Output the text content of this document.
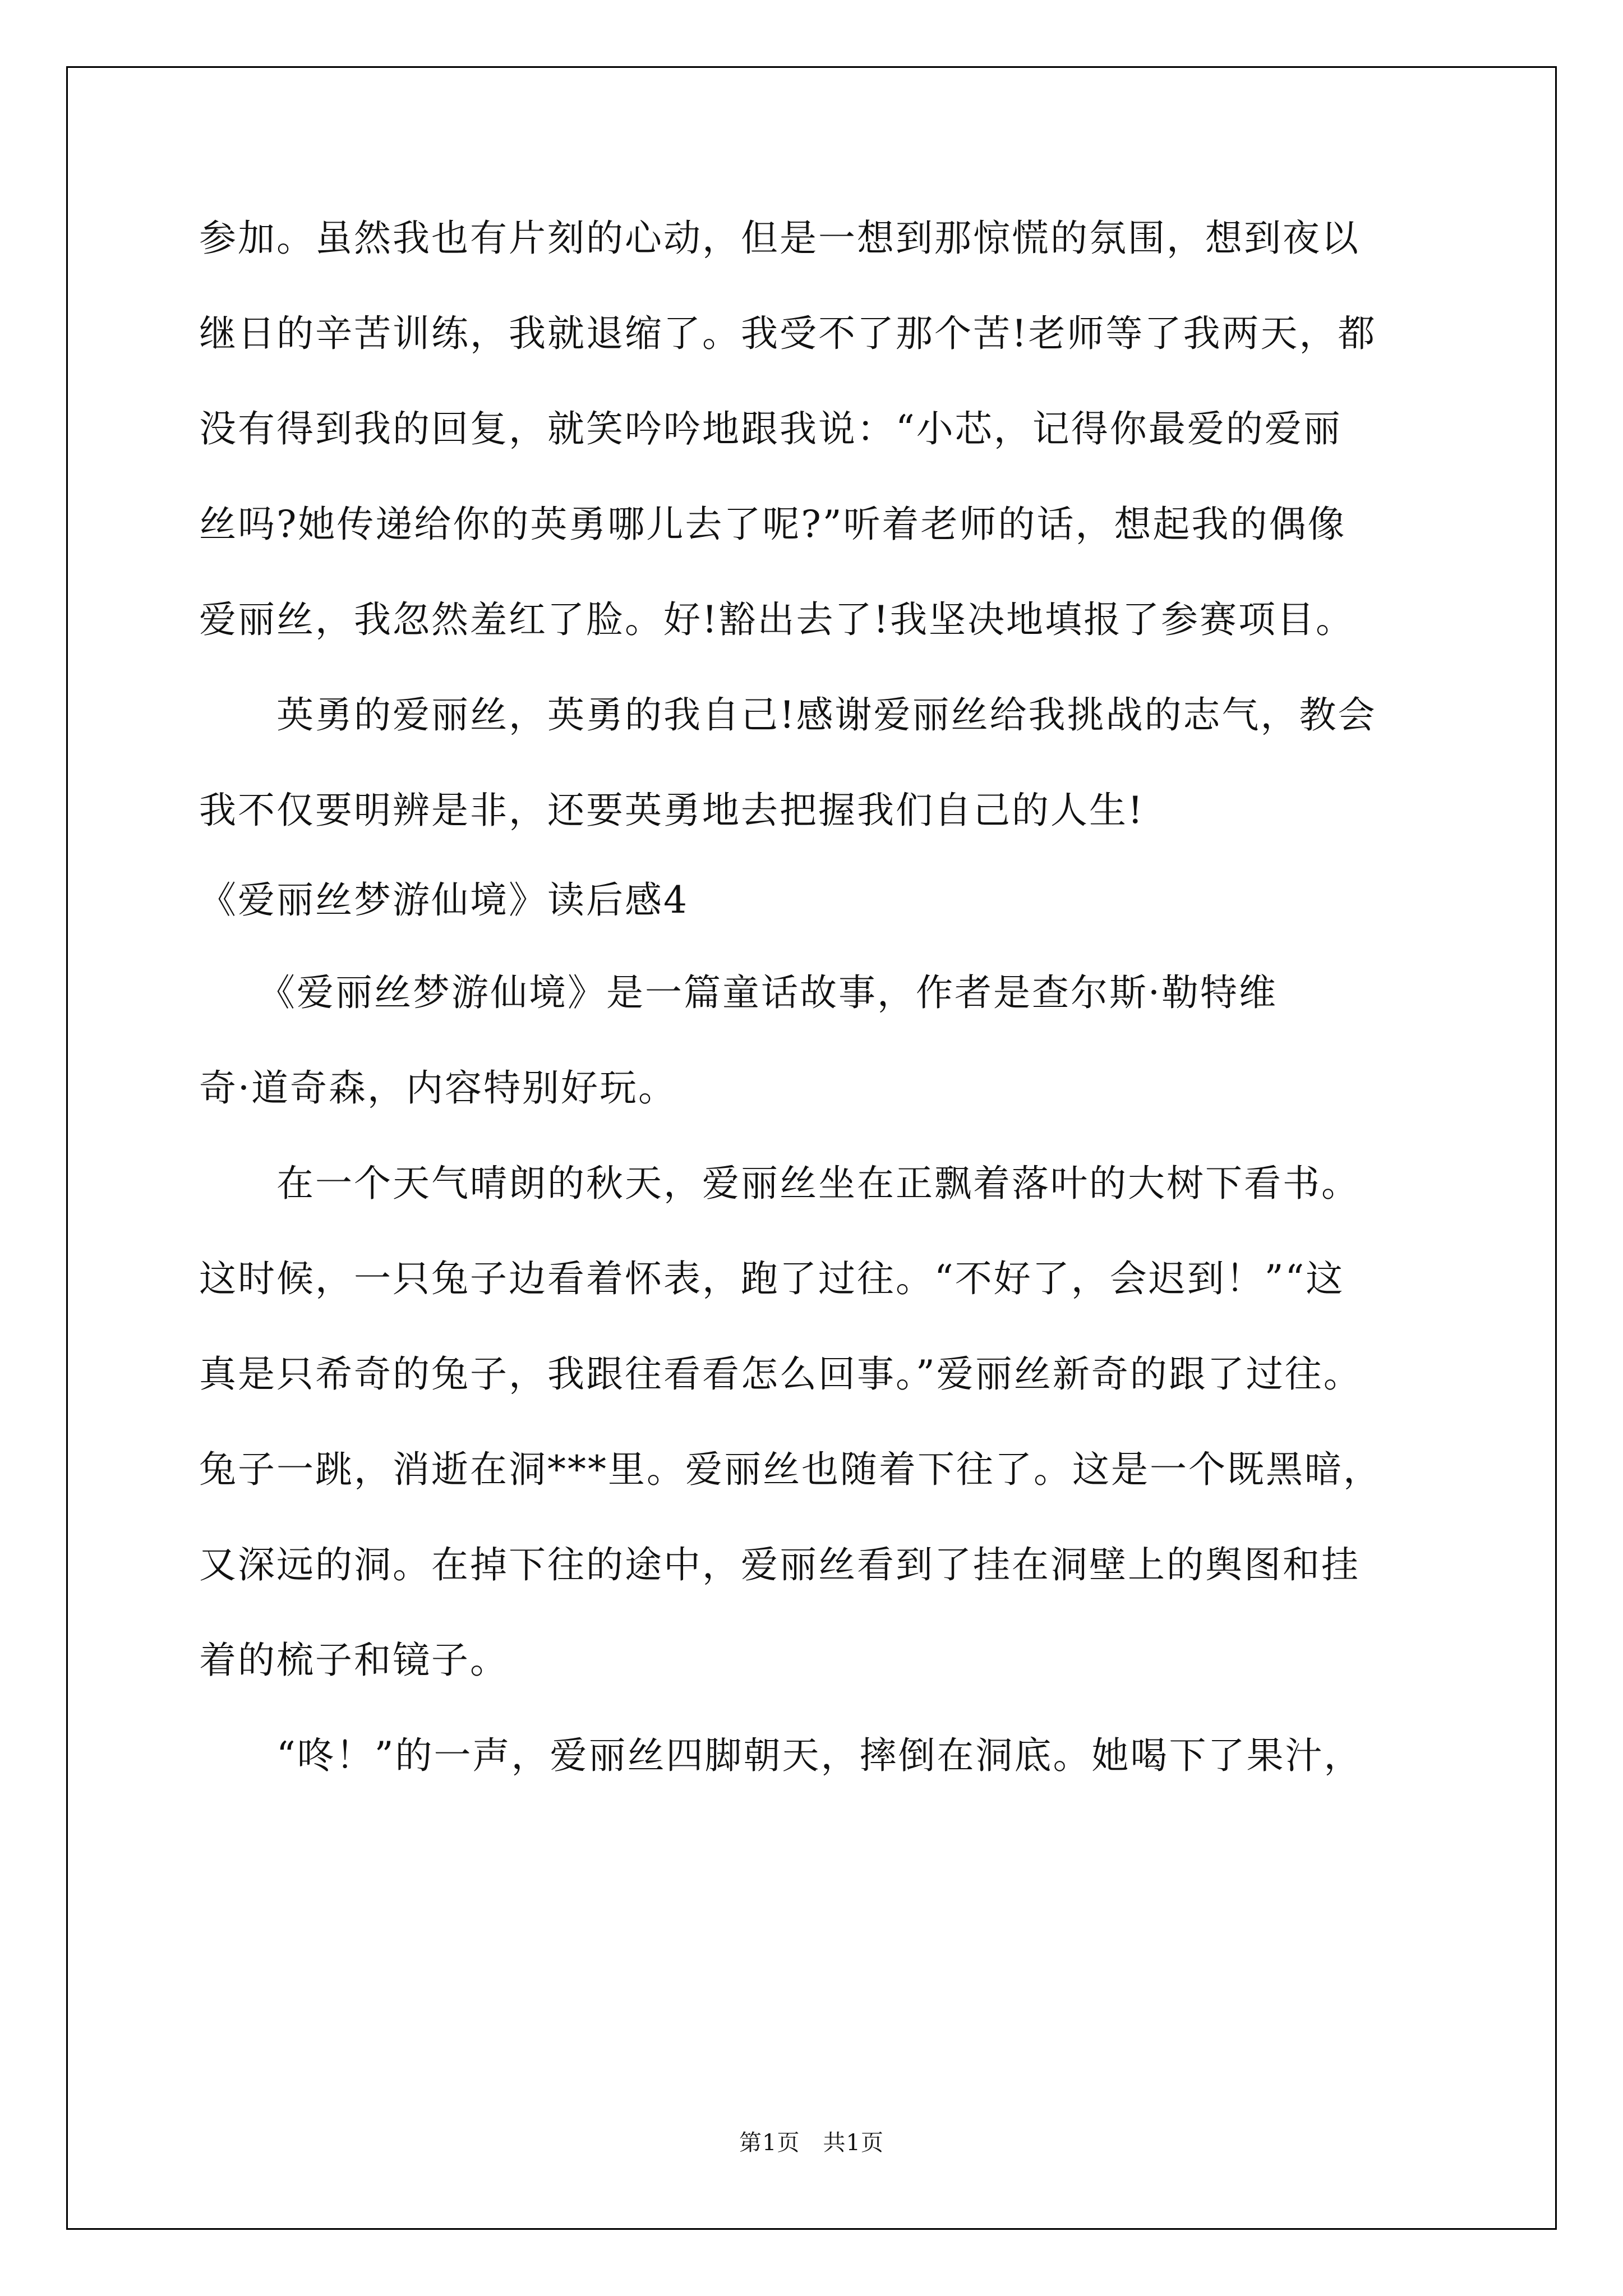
参加。虽然我也有片刻的心动，但是一想到那惊慌的氛围，想到夜以
继日的辛苦训练，我就退缩了。我受不了那个苦!老师等了我两天，都
没有得到我的回复，就笑吟吟地跟我说：“小芯，记得你最爱的爱丽
丝吗?她传递给你的英勇哪儿去了呢?”听着老师的话，想起我的偶像
爱丽丝，我忽然羞红了脸。好!豁出去了!我坚决地填报了参赛项目。
　　英勇的爱丽丝，英勇的我自己!感谢爱丽丝给我挑战的志气，教会
我不仅要明辨是非，还要英勇地去把握我们自己的人生!
《爱丽丝梦游仙境》读后感4
　　《爱丽丝梦游仙境》是一篇童话故事，作者是查尔斯·勒特维
奇·道奇森，内容特别好玩。
　　在一个天气晴朗的秋天，爱丽丝坐在正飘着落叶的大树下看书。
这时候，一只兔子边看着怀表，跑了过往。“不好了，会迟到！”“这
真是只希奇的兔子，我跟往看看怎么回事。”爱丽丝新奇的跟了过往。
兔子一跳，消逝在洞***里。爱丽丝也随着下往了。这是一个既黑暗，
又深远的洞。在掉下往的途中，爱丽丝看到了挂在洞壁上的舆图和挂
着的梳子和镜子。
　　“咚！”的一声，爱丽丝四脚朝天，摔倒在洞底。她喝下了果汁，
第1页　共1页
